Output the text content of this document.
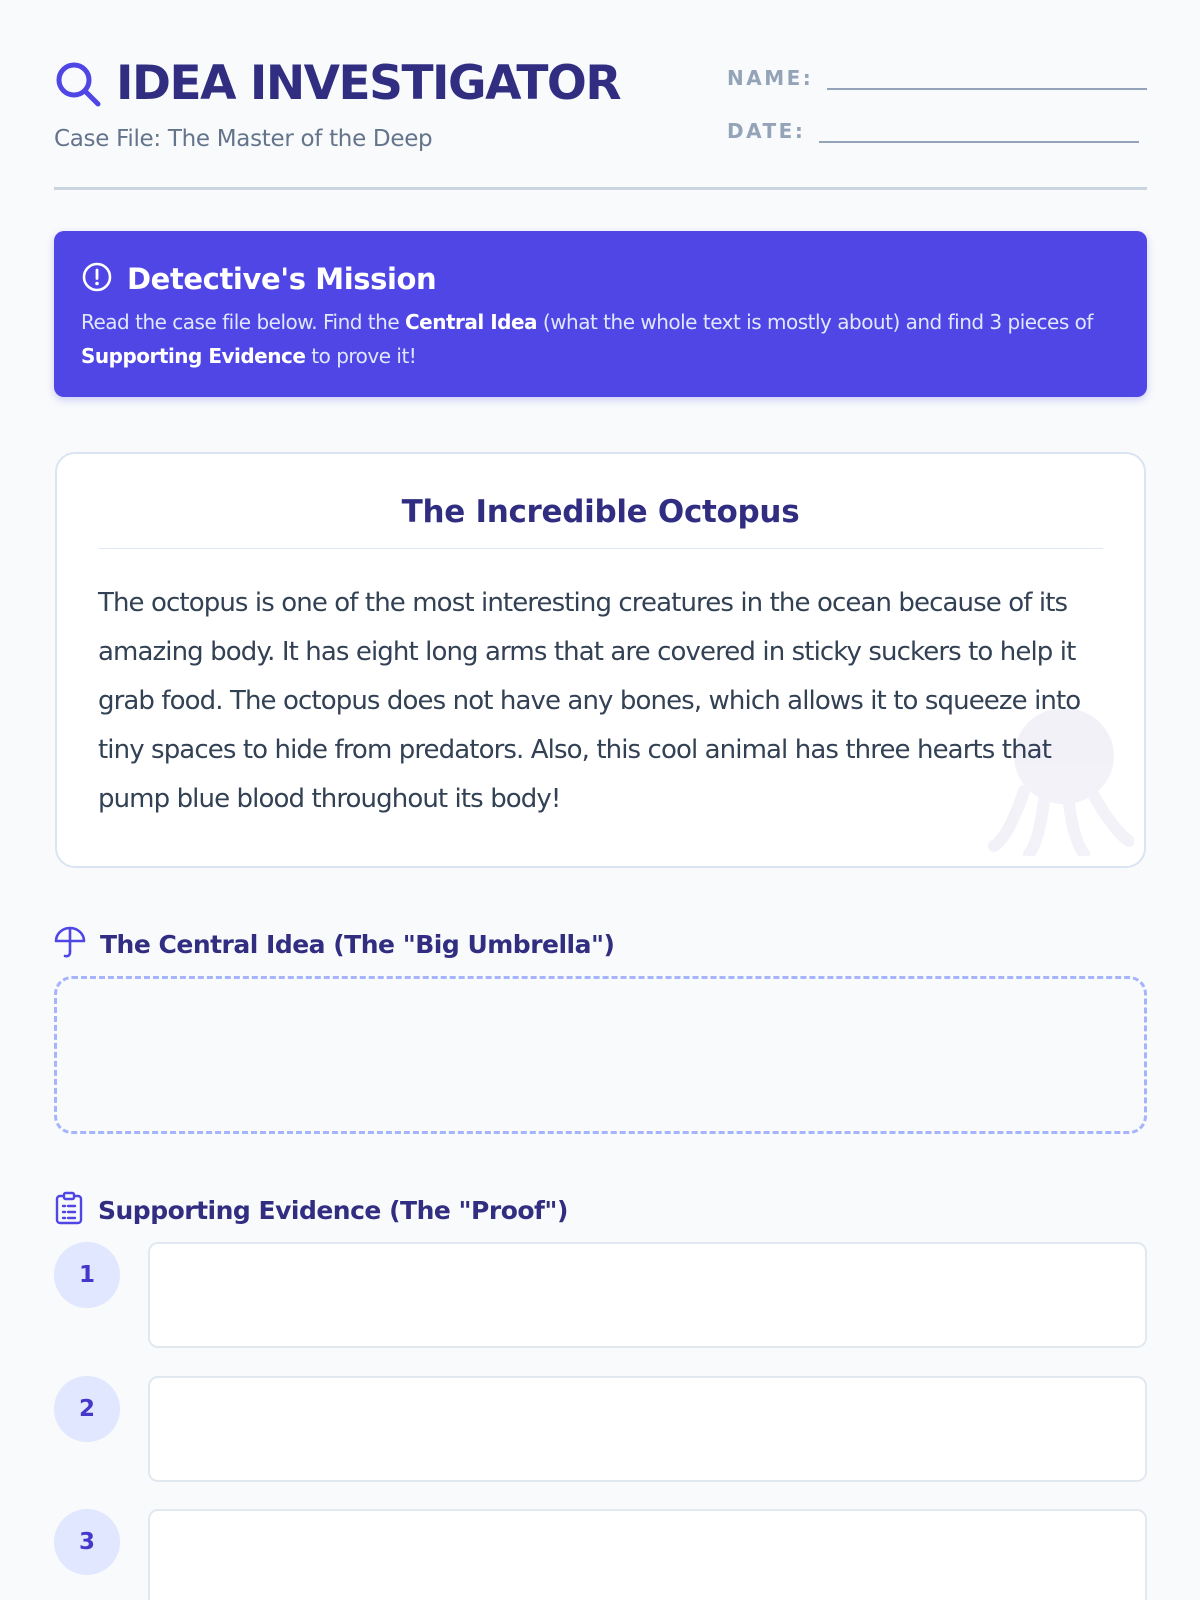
IDEA INVESTIGATOR
Case File: The Master of the Deep
NAME:
DATE:
Detective's Mission
Read the case file below. Find the Central Idea (what the whole text is mostly about) and find 3 pieces of Supporting Evidence to prove it!
The Incredible Octopus
The octopus is one of the most interesting creatures in the ocean because of its amazing body. It has eight long arms that are covered in sticky suckers to help it grab food. The octopus does not have any bones, which allows it to squeeze into tiny spaces to hide from predators. Also, this cool animal has three hearts that pump blue blood throughout its body!
The Central Idea (The "Big Umbrella")
Supporting Evidence (The "Proof")
1
2
3
